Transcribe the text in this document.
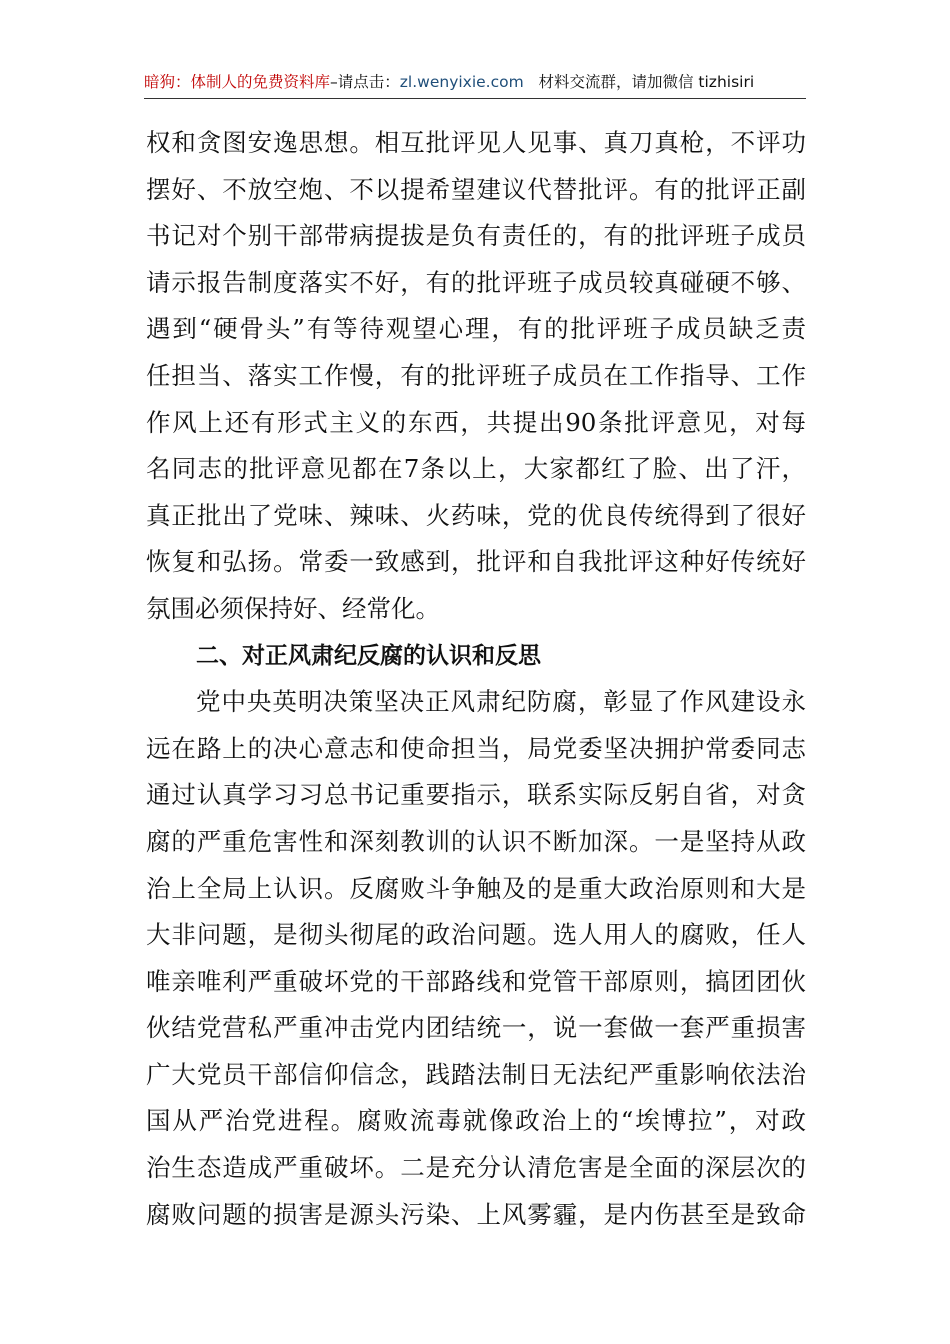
暗狗：体制人的免费资料库–请点击：zl.wenyixie.com 材料交流群，请加微信 tizhisiri
权和贪图安逸思想。相互批评见人见事、真刀真枪，不评功
摆好、不放空炮、不以提希望建议代替批评。有的批评正副
书记对个别干部带病提拔是负有责任的，有的批评班子成员
请示报告制度落实不好，有的批评班子成员较真碰硬不够、
遇到“硬骨头”有等待观望心理，有的批评班子成员缺乏责
任担当、落实工作慢，有的批评班子成员在工作指导、工作
作风上还有形式主义的东西，共提出90条批评意见，对每
名同志的批评意见都在7条以上，大家都红了脸、出了汗，
真正批出了党味、辣味、火药味，党的优良传统得到了很好
恢复和弘扬。常委一致感到，批评和自我批评这种好传统好
氛围必须保持好、经常化。
二、对正风肃纪反腐的认识和反思
党中央英明决策坚决正风肃纪防腐，彰显了作风建设永
远在路上的决心意志和使命担当，局党委坚决拥护常委同志
通过认真学习习总书记重要指示，联系实际反躬自省，对贪
腐的严重危害性和深刻教训的认识不断加深。一是坚持从政
治上全局上认识。反腐败斗争触及的是重大政治原则和大是
大非问题，是彻头彻尾的政治问题。选人用人的腐败，任人
唯亲唯利严重破坏党的干部路线和党管干部原则，搞团团伙
伙结党营私严重冲击党内团结统一，说一套做一套严重损害
广大党员干部信仰信念，践踏法制日无法纪严重影响依法治
国从严治党进程。腐败流毒就像政治上的“埃博拉”，对政
治生态造成严重破坏。二是充分认清危害是全面的深层次的
腐败问题的损害是源头污染、上风雾霾，是内伤甚至是致命
